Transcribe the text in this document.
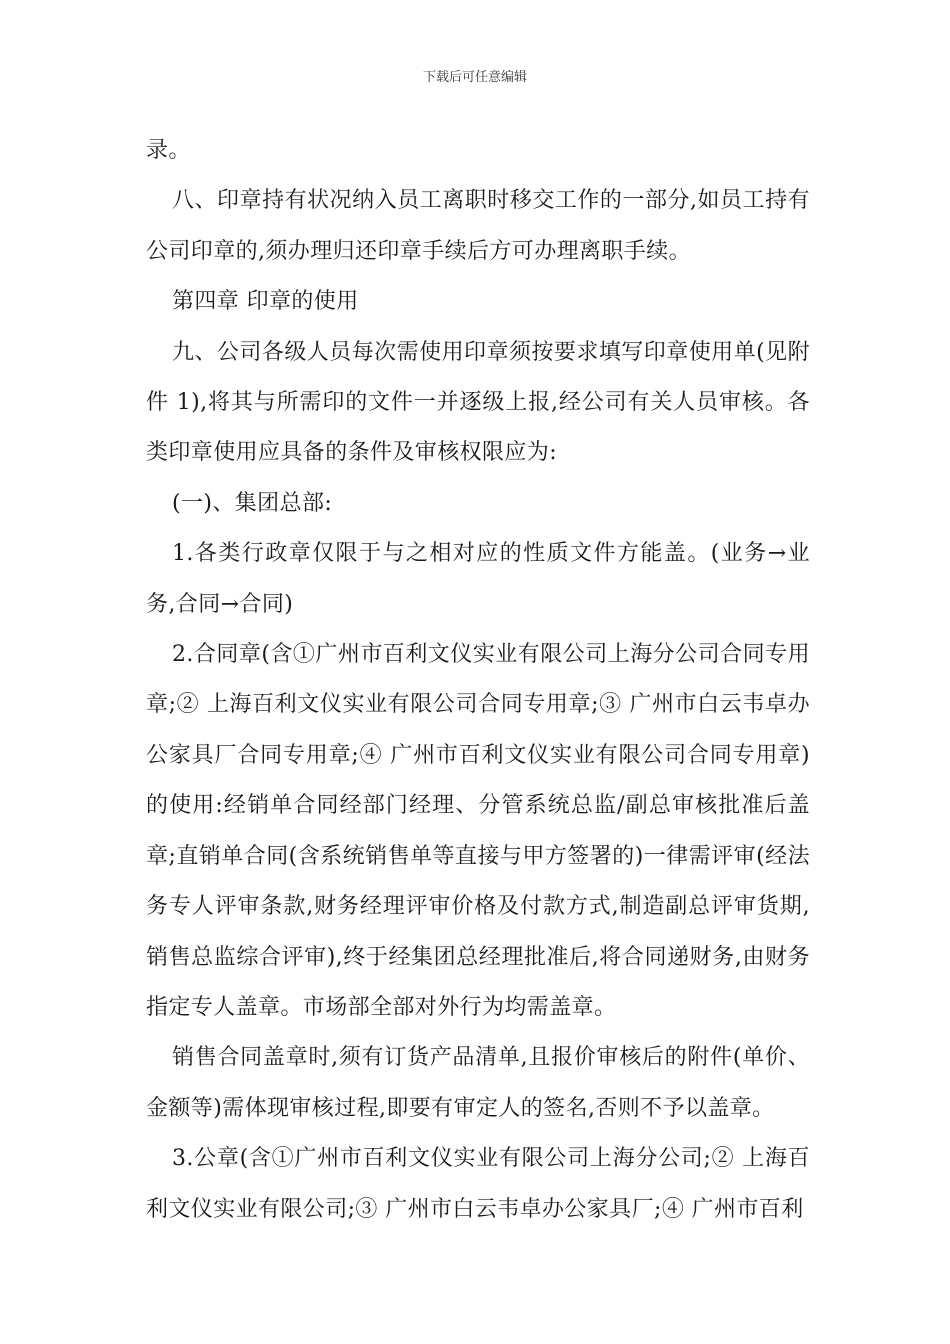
下载后可任意编辑

录。

八、印章持有状况纳入员工离职时移交工作的一部分,如员工持有公司印章的,须办理归还印章手续后方可办理离职手续。

第四章 印章的使用

九、公司各级人员每次需使用印章须按要求填写印章使用单(见附件 1),将其与所需印的文件一并逐级上报,经公司有关人员审核。各类印章使用应具备的条件及审核权限应为:

(一)、集团总部:

1.各类行政章仅限于与之相对应的性质文件方能盖。(业务→业务,合同→合同)

2.合同章(含①广州市百利文仪实业有限公司上海分公司合同专用章;② 上海百利文仪实业有限公司合同专用章;③ 广州市白云韦卓办公家具厂合同专用章;④ 广州市百利文仪实业有限公司合同专用章)的使用:经销单合同经部门经理、分管系统总监/副总审核批准后盖章;直销单合同(含系统销售单等直接与甲方签署的)一律需评审(经法务专人评审条款,财务经理评审价格及付款方式,制造副总评审货期,销售总监综合评审),终于经集团总经理批准后,将合同递财务,由财务指定专人盖章。市场部全部对外行为均需盖章。

销售合同盖章时,须有订货产品清单,且报价审核后的附件(单价、金额等)需体现审核过程,即要有审定人的签名,否则不予以盖章。

3.公章(含①广州市百利文仪实业有限公司上海分公司;② 上海百利文仪实业有限公司;③ 广州市白云韦卓办公家具厂;④ 广州市百利
